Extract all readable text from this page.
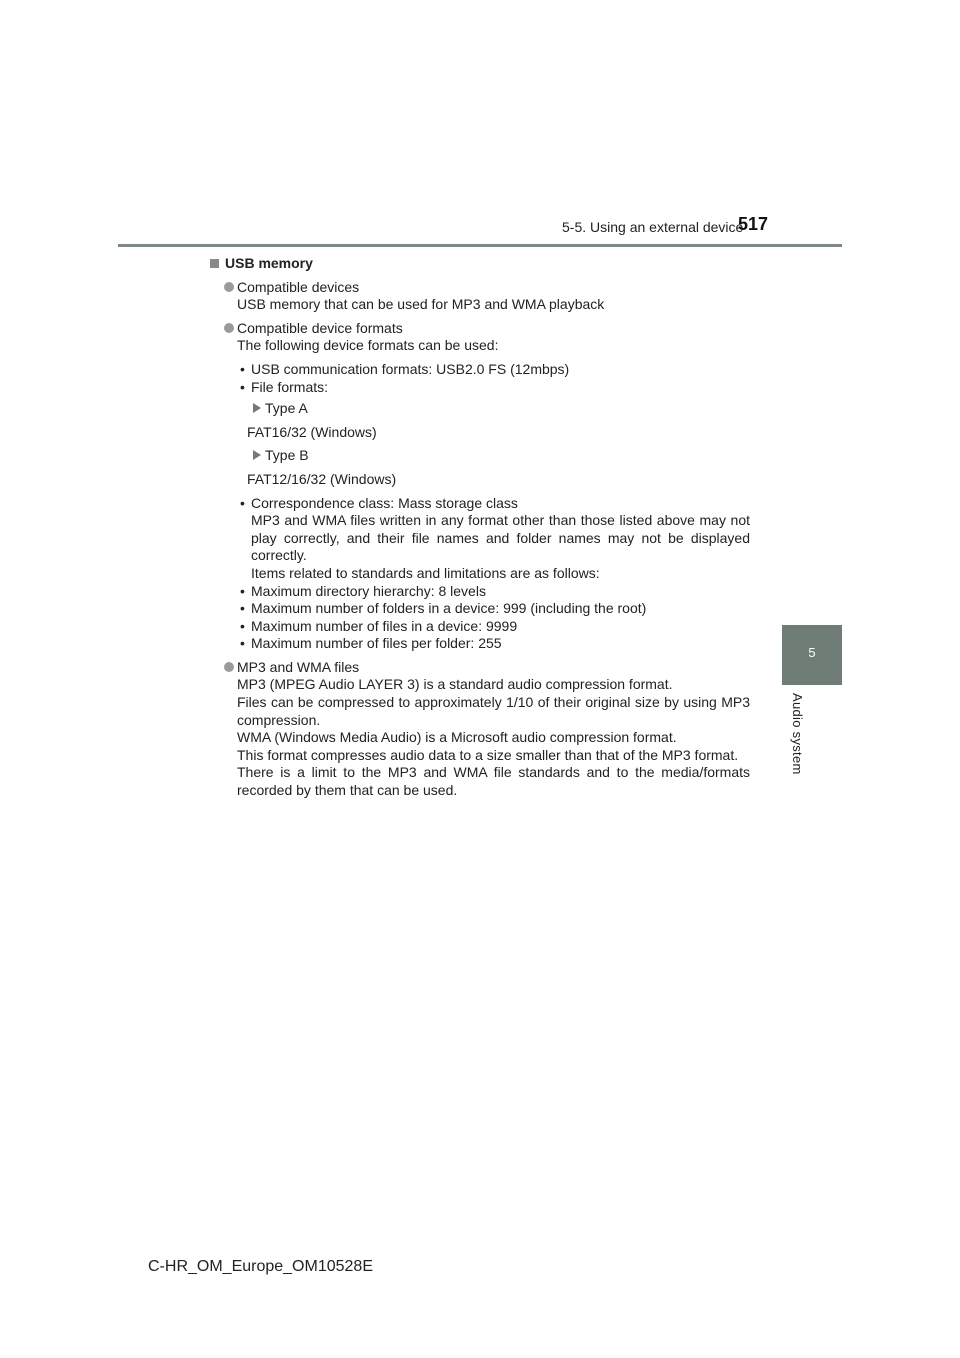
5-5. Using an external device
517
5
Audio system
USB memory

Compatible devices

USB memory that can be used for MP3 and WMA playback

Compatible device formats

The following device formats can be used:

• USB communication formats: USB2.0 FS (12mbps)

• File formats:

Type A
FAT16/32 (Windows)
Type B
FAT12/16/32 (Windows)
• Correspondence class: Mass storage class

MP3 and WMA files written in any format other than those listed above may not play correctly, and their file names and folder names may not be displayed correctly.

Items related to standards and limitations are as follows:

• Maximum directory hierarchy: 8 levels

• Maximum number of folders in a device: 999 (including the root)

• Maximum number of files in a device: 9999

• Maximum number of files per folder: 255

MP3 and WMA files

MP3 (MPEG Audio LAYER 3) is a standard audio compression format.

Files can be compressed to approximately 1/10 of their original size by using MP3 compression.

WMA (Windows Media Audio) is a Microsoft audio compression format.

This format compresses audio data to a size smaller than that of the MP3 format.

There is a limit to the MP3 and WMA file standards and to the media/formats recorded by them that can be used.

C-HR_OM_Europe_OM10528E
